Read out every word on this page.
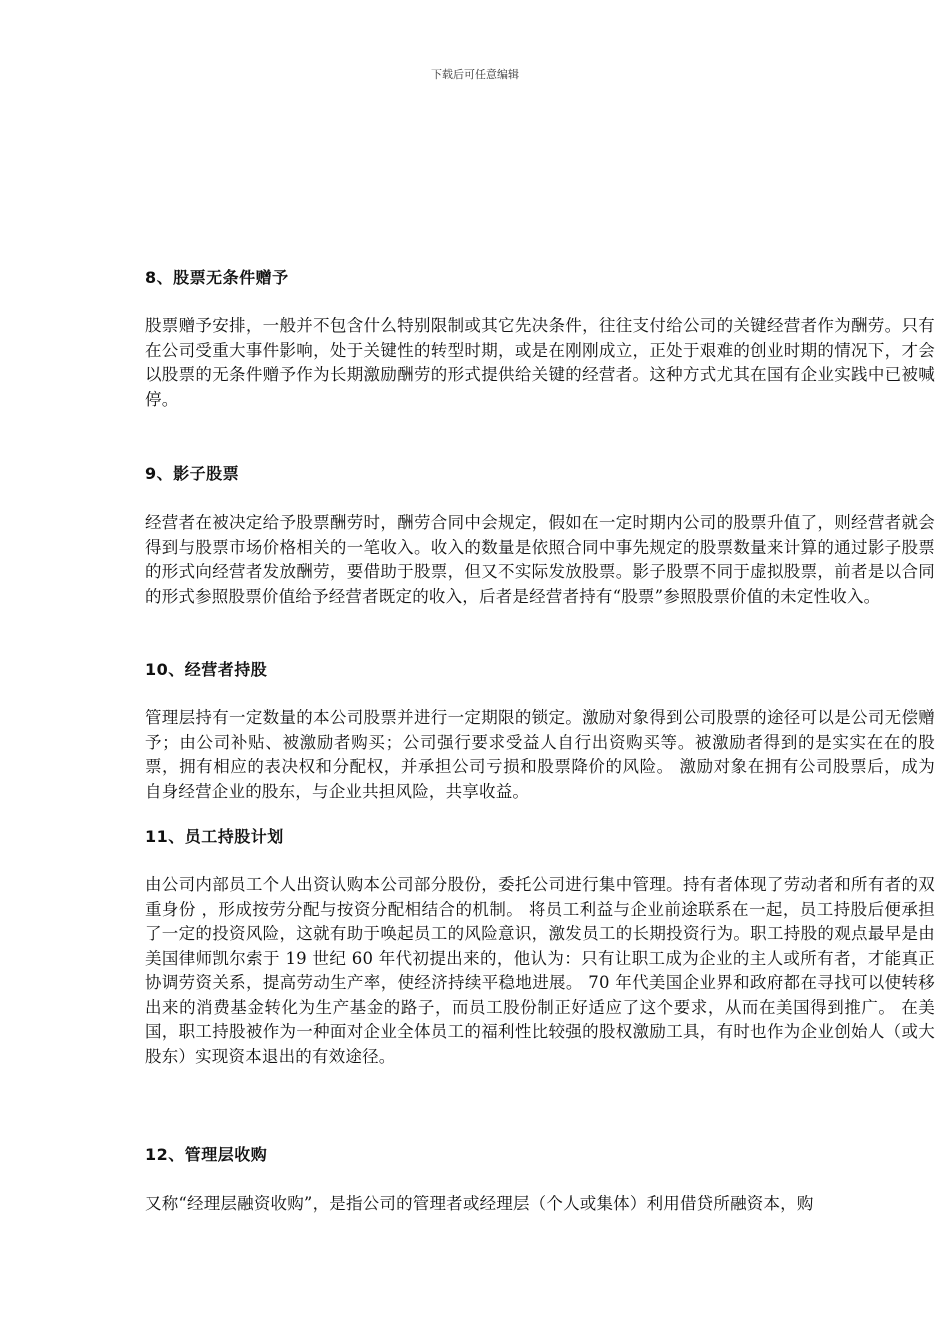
下载后可任意编辑
8、股票无条件赠予

股票赠予安排，一般并不包含什么特别限制或其它先决条件，往往支付给公司的关键经营者作为酬劳。只有在公司受重大事件影响，处于关键性的转型时期，或是在刚刚成立，正处于艰难的创业时期的情况下，才会以股票的无条件赠予作为长期激励酬劳的形式提供给关键的经营者。这种方式尤其在国有企业实践中已被喊停。

9、影子股票

经营者在被决定给予股票酬劳时，酬劳合同中会规定，假如在一定时期内公司的股票升值了，则经营者就会得到与股票市场价格相关的一笔收入。收入的数量是依照合同中事先规定的股票数量来计算的通过影子股票的形式向经营者发放酬劳，要借助于股票，但又不实际发放股票。影子股票不同于虚拟股票，前者是以合同的形式参照股票价值给予经营者既定的收入，后者是经营者持有“股票”参照股票价值的未定性收入。

10、经营者持股

管理层持有一定数量的本公司股票并进行一定期限的锁定。激励对象得到公司股票的途径可以是公司无偿赠予；由公司补贴、被激励者购买；公司强行要求受益人自行出资购买等。被激励者得到的是实实在在的股票，拥有相应的表决权和分配权，并承担公司亏损和股票降价的风险。 激励对象在拥有公司股票后，成为自身经营企业的股东，与企业共担风险，共享收益。

11、员工持股计划

由公司内部员工个人出资认购本公司部分股份，委托公司进行集中管理。持有者体现了劳动者和所有者的双重身份 ，形成按劳分配与按资分配相结合的机制。 将员工利益与企业前途联系在一起，员工持股后便承担了一定的投资风险，这就有助于唤起员工的风险意识，激发员工的长期投资行为。职工持股的观点最早是由美国律师凯尔索于 19 世纪 60 年代初提出来的，他认为：只有让职工成为企业的主人或所有者，才能真正协调劳资关系，提高劳动生产率，使经济持续平稳地进展。 70 年代美国企业界和政府都在寻找可以使转移出来的消费基金转化为生产基金的路子，而员工股份制正好适应了这个要求，从而在美国得到推广。 在美国，职工持股被作为一种面对企业全体员工的福利性比较强的股权激励工具，有时也作为企业创始人（或大股东）实现资本退出的有效途径。

12、管理层收购

又称“经理层融资收购”，是指公司的管理者或经理层（个人或集体）利用借贷所融资本，购
